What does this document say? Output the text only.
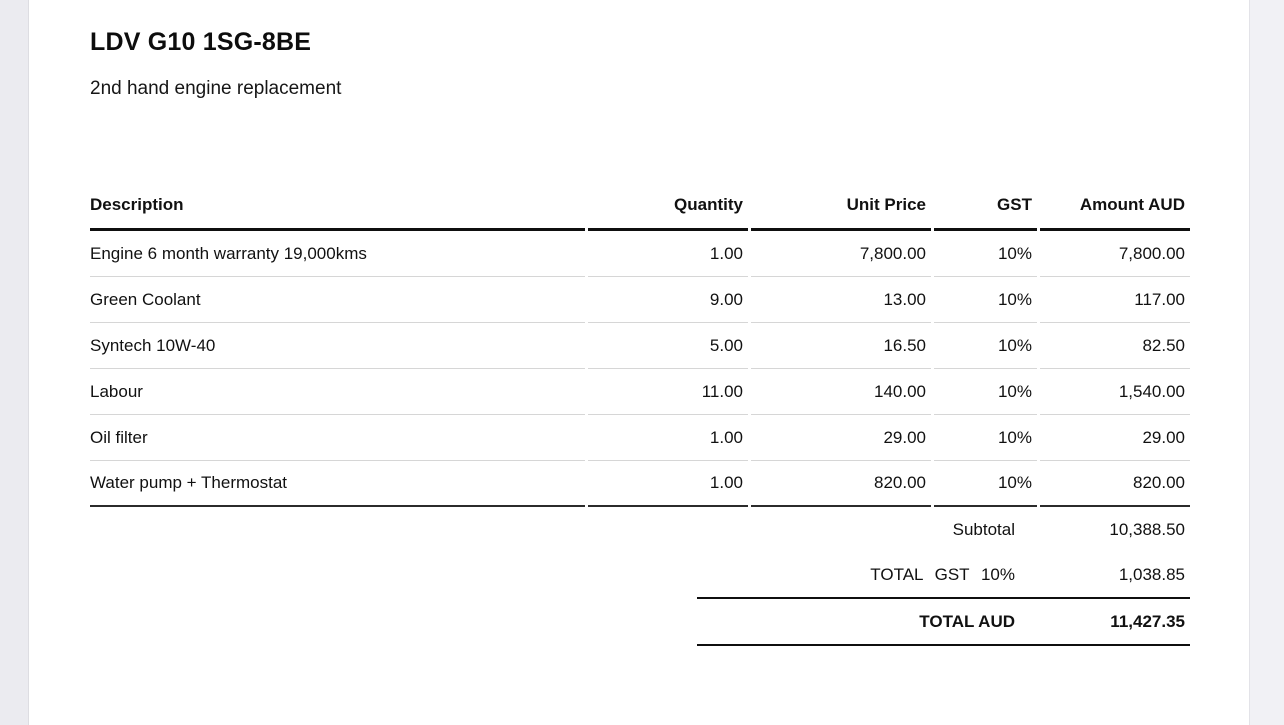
LDV G10 1SG-8BE
2nd hand engine replacement
Description	Quantity	Unit Price	GST	Amount AUD
Engine 6 month warranty 19,000kms	1.00	7,800.00	10%	7,800.00
Green Coolant	9.00	13.00	10%	117.00
Syntech 10W-40	5.00	16.50	10%	82.50
Labour	11.00	140.00	10%	1,540.00
Oil filter	1.00	29.00	10%	29.00
Water pump + Thermostat	1.00	820.00	10%	820.00
Subtotal	10,388.50
TOTAL GST 10%	1,038.85
TOTAL AUD	11,427.35
